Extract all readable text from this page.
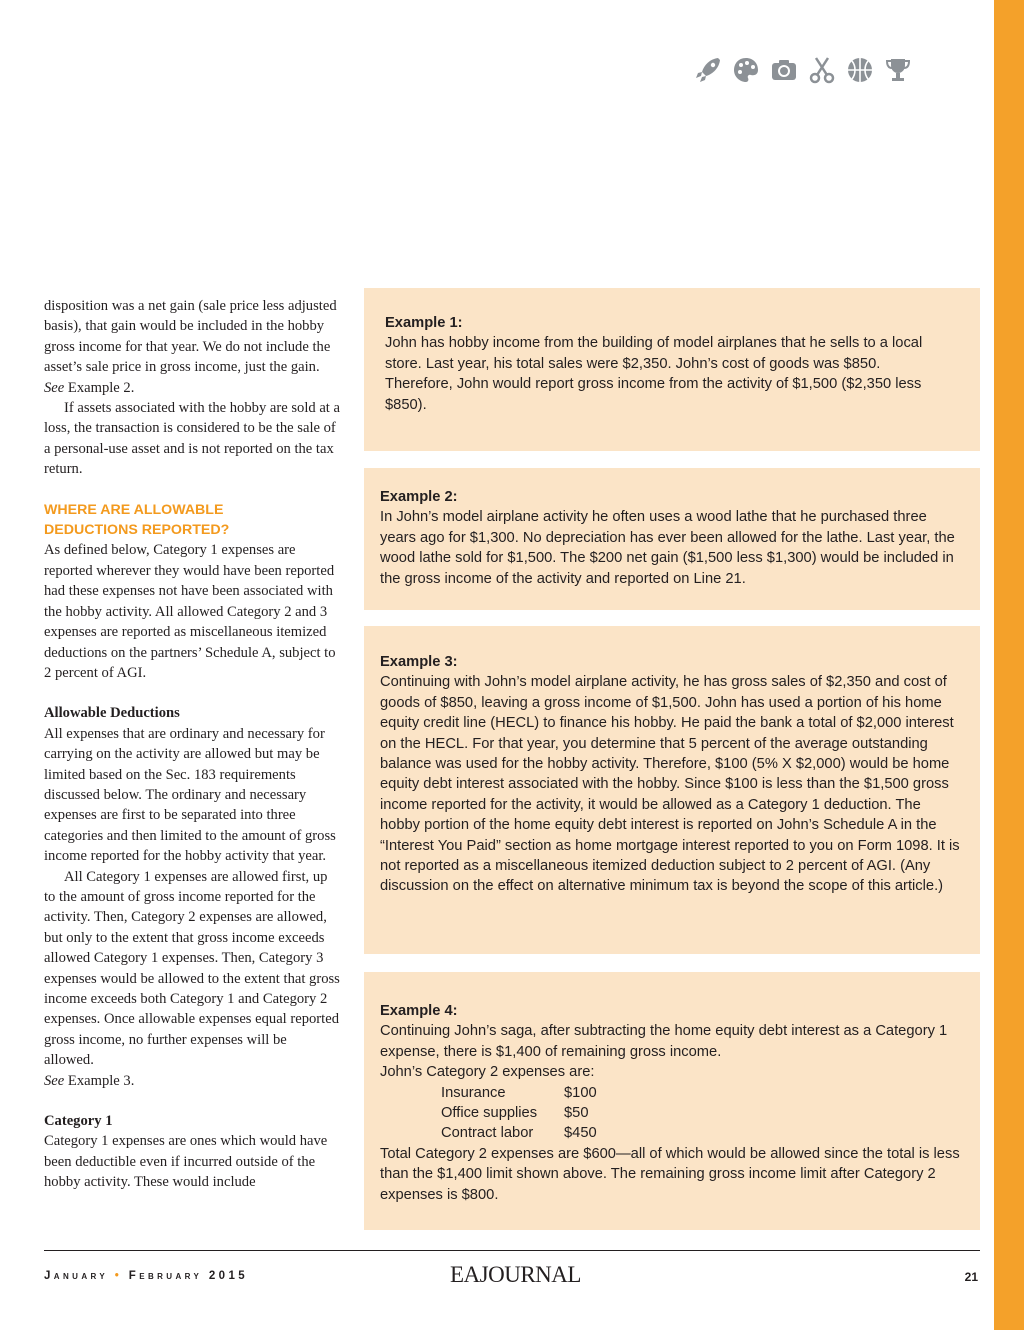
disposition was a net gain (sale price less adjusted basis), that gain would be included in the hobby gross income for that year. We do not include the asset’s sale price in gross income, just the gain. See Example 2.

If assets associated with the hobby are sold at a loss, the transaction is considered to be the sale of a personal-use asset and is not reported on the tax return.

WHERE ARE ALLOWABLE
DEDUCTIONS REPORTED?

As defined below, Category 1 expenses are reported wherever they would have been reported had these expenses not have been associated with the hobby activity. All allowed Category 2 and 3 expenses are reported as miscellaneous itemized deductions on the partners’ Schedule A, subject to 2 percent of AGI.

Allowable Deductions

All expenses that are ordinary and necessary for carrying on the activity are allowed but may be limited based on the Sec. 183 requirements discussed below. The ordinary and necessary expenses are first to be separated into three categories and then limited to the amount of gross income reported for the hobby activity that year.

All Category 1 expenses are allowed first, up to the amount of gross income reported for the activity. Then, Category 2 expenses are allowed, but only to the extent that gross income exceeds allowed Category 1 expenses. Then, Category 3 expenses would be allowed to the extent that gross income exceeds both Category 1 and Category 2 expenses. Once allowable expenses equal reported gross income, no further expenses will be allowed.
See Example 3.

Category 1

Category 1 expenses are ones which would have been deductible even if incurred outside of the hobby activity. These would include

Example 1:

John has hobby income from the building of model airplanes that he sells to a local store. Last year, his total sales were $2,350. John’s cost of goods was $850. Therefore, John would report gross income from the activity of $1,500 ($2,350 less $850).

Example 2:

In John’s model airplane activity he often uses a wood lathe that he purchased three years ago for $1,300. No depreciation has ever been allowed for the lathe. Last year, the wood lathe sold for $1,500. The $200 net gain ($1,500 less $1,300) would be included in the gross income of the activity and reported on Line 21.

Example 3:

Continuing with John’s model airplane activity, he has gross sales of $2,350 and cost of goods of $850, leaving a gross income of $1,500. John has used a portion of his home equity credit line (HECL) to finance his hobby. He paid the bank a total of $2,000 interest on the HECL. For that year, you determine that 5 percent of the average outstanding balance was used for the hobby activity. Therefore, $100 (5% X $2,000) would be home equity debt interest associated with the hobby. Since $100 is less than the $1,500 gross income reported for the activity, it would be allowed as a Category 1 deduction. The hobby portion of the home equity debt interest is reported on John’s Schedule A in the “Interest You Paid” section as home mortgage interest reported to you on Form 1098. It is not reported as a miscellaneous itemized deduction subject to 2 percent of AGI. (Any discussion on the effect on alternative minimum tax is beyond the scope of this article.)

Example 4:

Continuing John’s saga, after subtracting the home equity debt interest as a Category 1 expense, there is $1,400 of remaining gross income.

John’s Category 2 expenses are:

Insurance	$100
Office supplies	$50
Contract labor	$450

Total Category 2 expenses are $600—all of which would be allowed since the total is less than the $1,400 limit shown above. The remaining gross income limit after Category 2 expenses is $800.

January • February 2015	EAJOURNAL	21
